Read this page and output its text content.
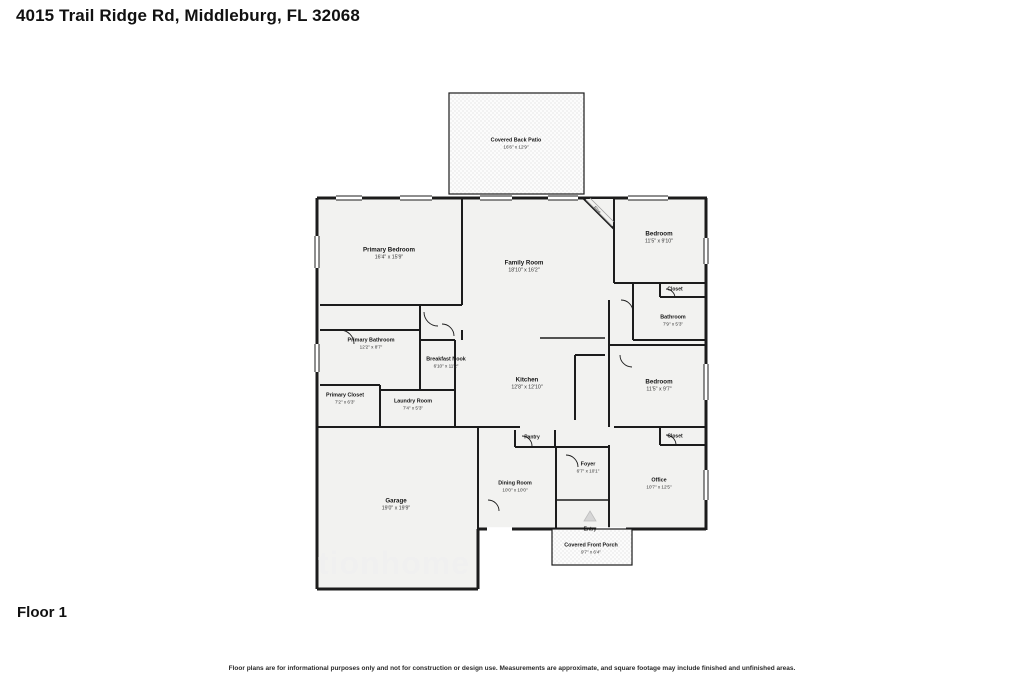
4015 Trail Ridge Rd, Middleburg, FL 32068
Covered Back Patio
16'6" x 12'9"
Primary Bedroom
16'4" x 15'9"
Family Room
18'10" x 16'2"
Bedroom
11'5" x 9'10"
Closet
Bathroom
7'9" x 5'3"
Primary Bathroom
12'2" x 8'7"
Breakfast Nook
6'10" x 11'2"
Kitchen
12'8" x 12'10"
Bedroom
11'5" x 9'7"
Primary Closet
7'2" x 6'3"	Laundry Room
7'4" x 5'3"
Pantry	Closet
Foyer
6'7" x 10'1"
Office
10'7" x 12'5"
Dining Room
10'0" x 10'0"
Garage
19'0" x 19'9"
Entry
Covered Front Porch
9'7" x 6'4"
Fire
tionhome
Floor 1
Floor plans are for informational purposes only and not for construction or design use. Measurements are approximate, and square footage may include finished and unfinished areas.
